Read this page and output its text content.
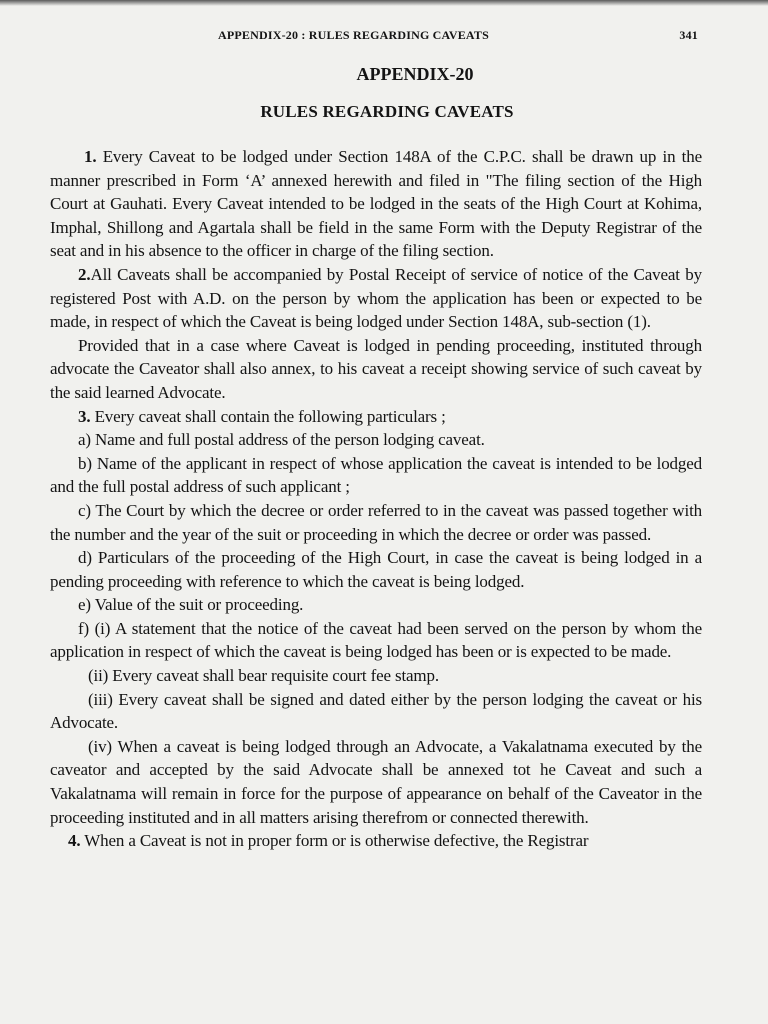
APPENDIX-20 : RULES REGARDING CAVEATS	341
APPENDIX-20
RULES REGARDING CAVEATS

1. Every Caveat to be lodged under Section 148A of the C.P.C. shall be drawn up in the manner prescribed in Form ‘A’ annexed herewith and filed in "The filing section of the High Court at Gauhati. Every Caveat intended to be lodged in the seats of the High Court at Kohima, Imphal, Shillong and Agartala shall be field in the same Form with the Deputy Registrar of the seat and in his absence to the officer in charge of the filing section.

2.All Caveats shall be accompanied by Postal Receipt of service of notice of the Caveat by registered Post with A.D. on the person by whom the application has been or expected to be made, in respect of which the Caveat is being lodged under Section 148A, sub-section (1).

Provided that in a case where Caveat is lodged in pending proceeding, instituted through advocate the Caveator shall also annex, to his caveat a receipt showing service of such caveat by the said learned Advocate.

3. Every caveat shall contain the following particulars ;

a) Name and full postal address of the person lodging caveat.

b) Name of the applicant in respect of whose application the caveat is intended to be lodged and the full postal address of such applicant ;

c) The Court by which the decree or order referred to in the caveat was passed together with the number and the year of the suit or proceeding in which the decree or order was passed.

d) Particulars of the proceeding of the High Court, in case the caveat is being lodged in a pending proceeding with reference to which the caveat is being lodged.

e) Value of the suit or proceeding.

f) (i) A statement that the notice of the caveat had been served on the person by whom the application in respect of which the caveat is being lodged has been or is expected to be made.

(ii) Every caveat shall bear requisite court fee stamp.

(iii) Every caveat shall be signed and dated either by the person lodging the caveat or his Advocate.

(iv) When a caveat is being lodged through an Advocate, a Vakalatnama executed by the caveator and accepted by the said Advocate shall be annexed tot he Caveat and such a Vakalatnama will remain in force for the purpose of appearance on behalf of the Caveator in the proceeding instituted and in all matters arising therefrom or connected therewith.

4. When a Caveat is not in proper form or is otherwise defective, the Registrar
